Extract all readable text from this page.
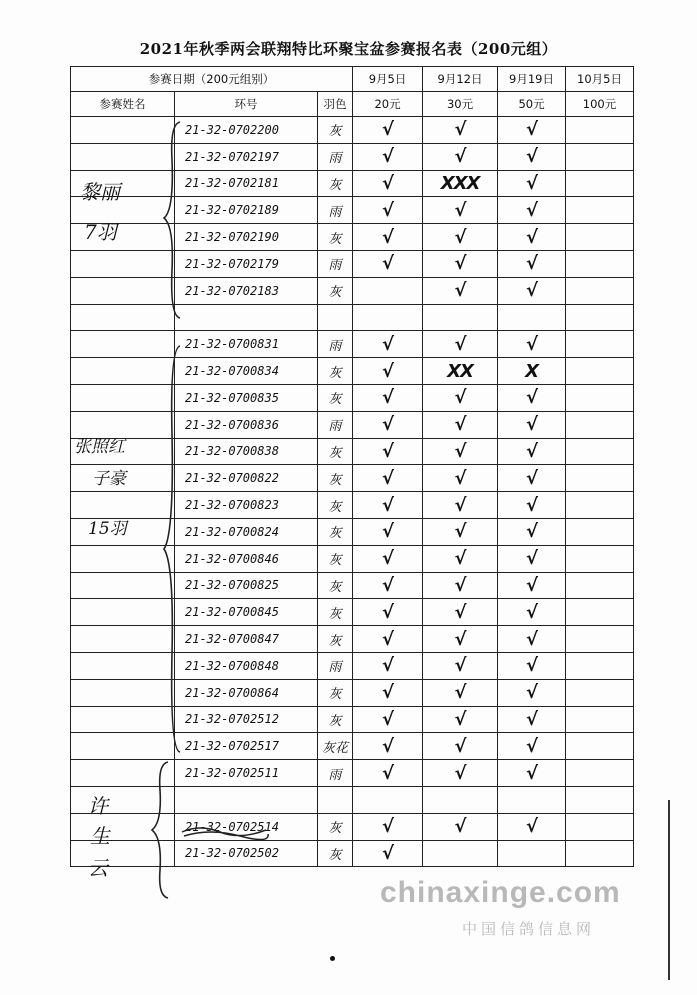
2021年秋季两会联翔特比环聚宝盆参赛报名表（200元组）
参赛日期（200元组别）			9月5日	9月12日	9月19日	10月5日
参赛姓名	环号	羽色	20元	30元	50元	100元
	21-32-0702200	灰	√	√	√	
	21-32-0702197	雨	√	√	√	
	21-32-0702181	灰	√	XXX	√	
	21-32-0702189	雨	√	√	√	
	21-32-0702190	灰	√	√	√	
	21-32-0702179	雨	√	√	√	
	21-32-0702183	灰		√	√	

	21-32-0700831	雨	√	√	√	
	21-32-0700834	灰	√	XX	X	
	21-32-0700835	灰	√	√	√	
	21-32-0700836	雨	√	√	√	
	21-32-0700838	灰	√	√	√	
	21-32-0700822	灰	√	√	√	
	21-32-0700823	灰	√	√	√	
	21-32-0700824	灰	√	√	√	
	21-32-0700846	灰	√	√	√	
	21-32-0700825	灰	√	√	√	
	21-32-0700845	灰	√	√	√	
	21-32-0700847	灰	√	√	√	
	21-32-0700848	雨	√	√	√	
	21-32-0700864	灰	√	√	√	
	21-32-0702512	灰	√	√	√	
	21-32-0702517	灰花	√	√	√	
	21-32-0702511	雨	√	√	√	

	21-32-0702514	灰	√	√	√	
	21-32-0702502	灰	√			
黎丽
7羽
张照红
子豪
15羽
许
生
云
chinaxinge.com
中国信鸽信息网
